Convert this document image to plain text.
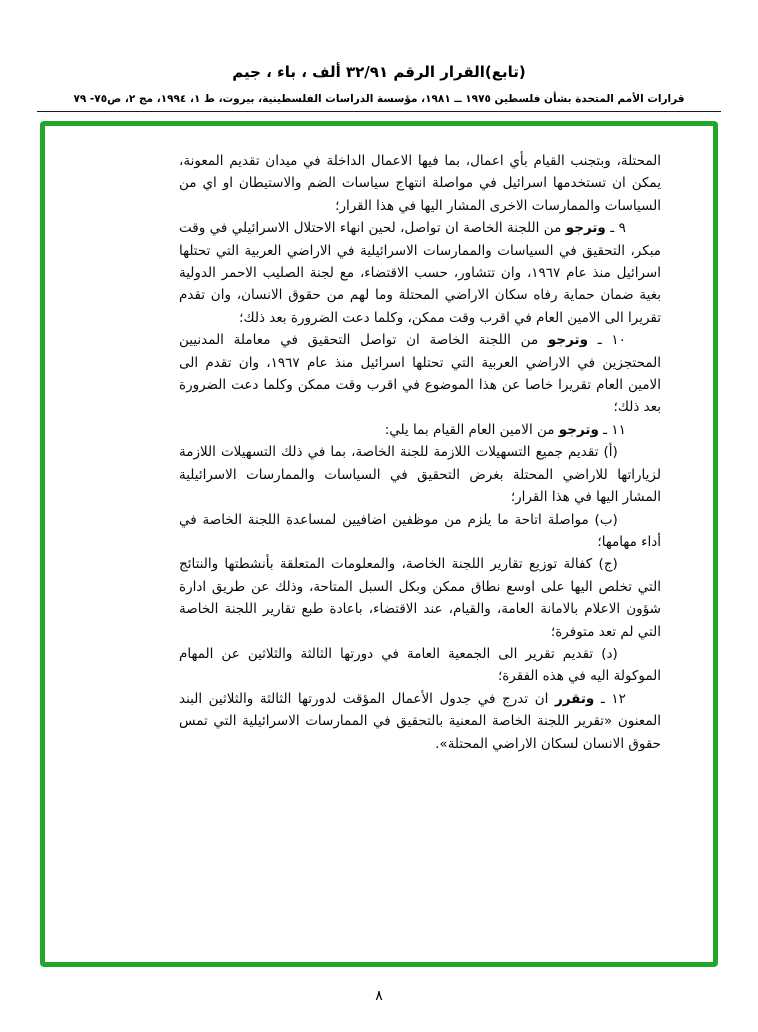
(تابع)القرار الرقم ٣٢/٩١ ألف ، باء ، جيم
قرارات الأمم المتحدة بشأن فلسطين ١٩٧٥ ــ ١٩٨١، مؤسسة الدراسات الفلسطينية، بيروت، ط ١، ١٩٩٤، مج ٢، ص٧٥- ٧٩

المحتلة، وبتجنب القيام بأي اعمال، بما فيها الاعمال الداخلة في ميدان تقديم المعونة، يمكن ان تستخدمها اسرائيل في مواصلة انتهاج سياسات الضم والاستيطان او اي من السياسات والممارسات الاخرى المشار اليها في هذا القرار؛

٩ ـ وترجو من اللجنة الخاصة ان تواصل، لحين انهاء الاحتلال الاسرائيلي في وقت مبكر، التحقيق في السياسات والممارسات الاسرائيلية في الاراضي العربية التي تحتلها اسرائيل منذ عام ١٩٦٧، وان تتشاور، حسب الاقتضاء، مع لجنة الصليب الاحمر الدولية بغية ضمان حماية رفاه سكان الاراضي المحتلة وما لهم من حقوق الانسان، وان تقدم تقريرا الى الامين العام في اقرب وقت ممكن، وكلما دعت الضرورة بعد ذلك؛

١٠ ـ وترجو من اللجنة الخاصة ان تواصل التحقيق في معاملة المدنيين المحتجزين في الاراضي العربية التي تحتلها اسرائيل منذ عام ١٩٦٧، وان تقدم الى الامين العام تقريرا خاصا عن هذا الموضوع في اقرب وقت ممكن وكلما دعت الضرورة بعد ذلك؛

١١ ـ وترجو من الامين العام القيام بما يلي:

(أ) تقديم جميع التسهيلات اللازمة للجنة الخاصة، بما في ذلك التسهيلات اللازمة لزياراتها للاراضي المحتلة بغرض التحقيق في السياسات والممارسات الاسرائيلية المشار اليها في هذا القرار؛

(ب) مواصلة اتاحة ما يلزم من موظفين اضافيين لمساعدة اللجنة الخاصة في أداء مهامها؛

(ج) كفالة توزيع تقارير اللجنة الخاصة، والمعلومات المتعلقة بأنشطتها والنتائج التي تخلص اليها على اوسع نطاق ممكن وبكل السبل المتاحة، وذلك عن طريق ادارة شؤون الاعلام بالامانة العامة، والقيام، عند الاقتضاء، باعادة طبع تقارير اللجنة الخاصة التي لم تعد متوفرة؛

(د) تقديم تقرير الى الجمعية العامة في دورتها الثالثة والثلاثين عن المهام الموكولة اليه في هذه الفقرة؛

١٢ ـ وتقرر ان تدرج في جدول الأعمال المؤقت لدورتها الثالثة والثلاثين البند المعنون «تقرير اللجنة الخاصة المعنية بالتحقيق في الممارسات الاسرائيلية التي تمس حقوق الانسان لسكان الاراضي المحتلة».

٨
